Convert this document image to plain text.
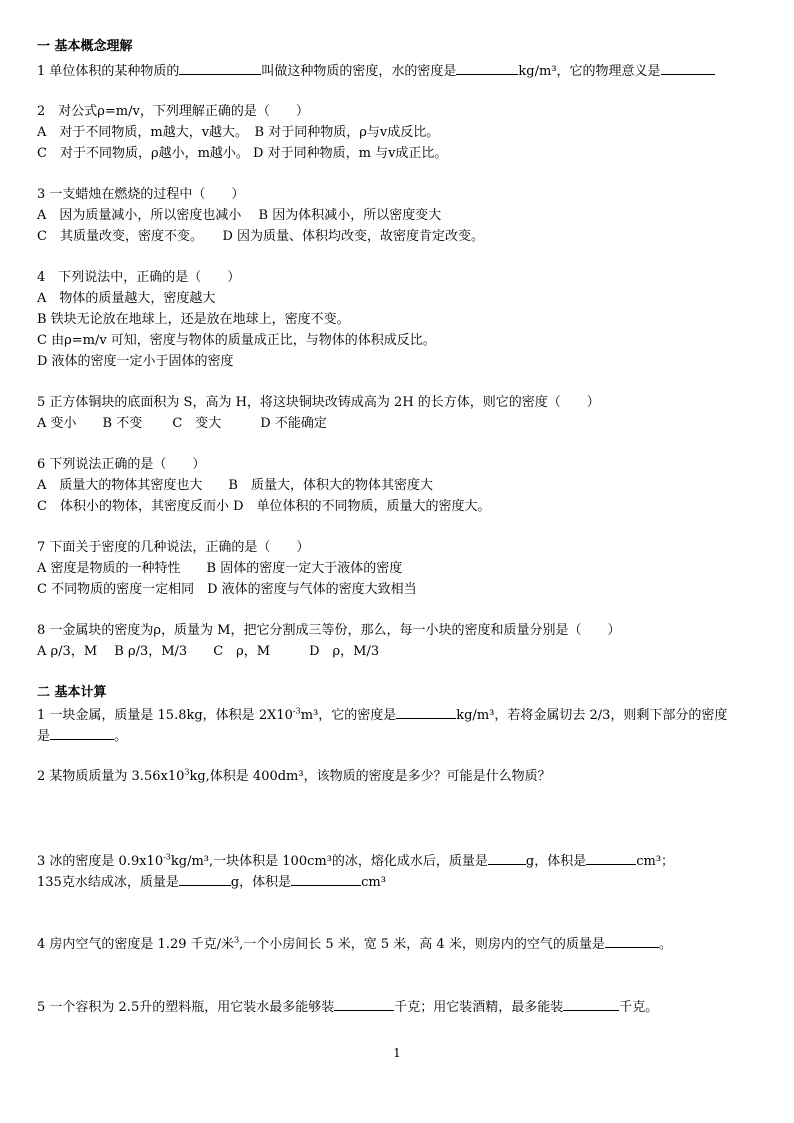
一 基本概念理解
1 单位体积的某种物质的	叫做这种物质的密度，水的密度是	kg/m³，它的物理意义是
2　对公式ρ=m/v，下列理解正确的是（　　）
A　对于不同物质，m越大，v越大。　B 对于同种物质，ρ与v成反比。
C　对于不同物质，ρ越小，m越小。 D 对于同种物质，m 与v成正比。
3 一支蜡烛在燃烧的过程中（　　）
A　因为质量减小，所以密度也减小　 B 因为体积减小，所以密度变大
C　其质量改变，密度不变。　　D 因为质量、体积均改变，故密度肯定改变。
4　下列说法中，正确的是（　　）
A　物体的质量越大，密度越大
B 铁块无论放在地球上，还是放在地球上，密度不变。
C 由ρ=m/v 可知，密度与物体的质量成正比，与物体的体积成反比。
D 液体的密度一定小于固体的密度
5 正方体铜块的底面积为 S，高为 H，将这块铜块改铸成高为 2H 的长方体，则它的密度（　　）
A 变小　　B 不变　　 C　变大　　　D 不能确定
6 下列说法正确的是（　　）
A　质量大的物体其密度也大　　B　质量大，体积大的物体其密度大
C　体积小的物体，其密度反而小 D　单位体积的不同物质，质量大的密度大。
7 下面关于密度的几种说法，正确的是（　　）
A 密度是物质的一种特性　　B 固体的密度一定大于液体的密度
C 不同物质的密度一定相同　D 液体的密度与气体的密度大致相当
8 一金属块的密度为ρ，质量为 M，把它分割成三等份，那么，每一小块的密度和质量分别是（　　）
A ρ/3，M　 B ρ/3，M/3　　C　ρ，M　　　D　ρ，M/3
二 基本计算
1 一块金属，质量是 15.8kg，体积是 $2X10^{-3}m^3$，它的密度是	kg/m³，若将金属切去 2/3，则剩下部分的密度
是	。
2 某物质质量为 $3.56x10^3kg$,体积是 400dm³，该物质的密度是多少？可能是什么物质？
3 冰的密度是 $0.9x10^{-3}kg/m^3$,一块体积是 100cm³的冰，熔化成水后，质量是	g，体积是	cm³；
135克水结成冰，质量是	g，体积是	cm³
4 房内空气的密度是 1.29 千克/米$^3$,一个小房间长 5 米，宽 5 米，高 4 米，则房内的空气的质量是	。
5 一个容积为 2.5升的塑料瓶，用它装水最多能够装	千克；用它装酒精，最多能装	千克。
1
